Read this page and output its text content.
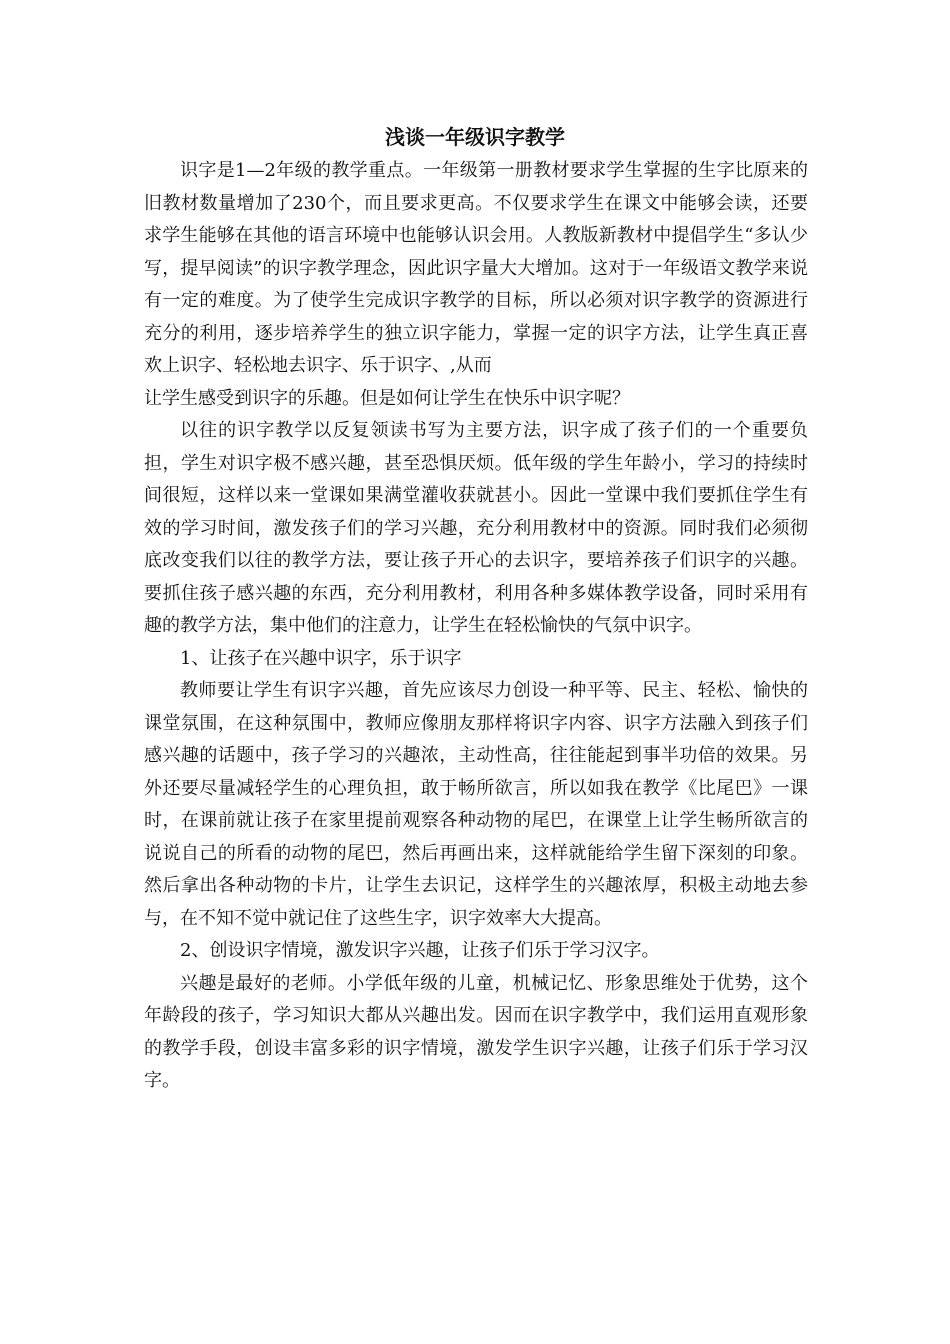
浅谈一年级识字教学

识字是1—2年级的教学重点。一年级第一册教材要求学生掌握的生字比原来的旧教材数量增加了230个，而且要求更高。不仅要求学生在课文中能够会读，还要求学生能够在其他的语言环境中也能够认识会用。人教版新教材中提倡学生“多认少写，提早阅读”的识字教学理念，因此识字量大大增加。这对于一年级语文教学来说有一定的难度。为了使学生完成识字教学的目标，所以必须对识字教学的资源进行充分的利用，逐步培养学生的独立识字能力，掌握一定的识字方法，让学生真正喜欢上识字、轻松地去识字、乐于识字、,从而

让学生感受到识字的乐趣。但是如何让学生在快乐中识字呢？

以往的识字教学以反复领读书写为主要方法，识字成了孩子们的一个重要负担，学生对识字极不感兴趣，甚至恐惧厌烦。低年级的学生年龄小，学习的持续时间很短，这样以来一堂课如果满堂灌收获就甚小。因此一堂课中我们要抓住学生有效的学习时间，激发孩子们的学习兴趣，充分利用教材中的资源。同时我们必须彻底改变我们以往的教学方法，要让孩子开心的去识字，要培养孩子们识字的兴趣。要抓住孩子感兴趣的东西，充分利用教材，利用各种多媒体教学设备，同时采用有趣的教学方法，集中他们的注意力，让学生在轻松愉快的气氛中识字。

1、让孩子在兴趣中识字，乐于识字

教师要让学生有识字兴趣，首先应该尽力创设一种平等、民主、轻松、愉快的课堂氛围，在这种氛围中，教师应像朋友那样将识字内容、识字方法融入到孩子们感兴趣的话题中，孩子学习的兴趣浓，主动性高，往往能起到事半功倍的效果。另外还要尽量减轻学生的心理负担，敢于畅所欲言，所以如我在教学《比尾巴》一课时，在课前就让孩子在家里提前观察各种动物的尾巴，在课堂上让学生畅所欲言的说说自己的所看的动物的尾巴，然后再画出来，这样就能给学生留下深刻的印象。然后拿出各种动物的卡片，让学生去识记，这样学生的兴趣浓厚，积极主动地去参与，在不知不觉中就记住了这些生字，识字效率大大提高。

2、创设识字情境，激发识字兴趣，让孩子们乐于学习汉字。

兴趣是最好的老师。小学低年级的儿童，机械记忆、形象思维处于优势，这个年龄段的孩子，学习知识大都从兴趣出发。因而在识字教学中，我们运用直观形象的教学手段，创设丰富多彩的识字情境，激发学生识字兴趣，让孩子们乐于学习汉字。
